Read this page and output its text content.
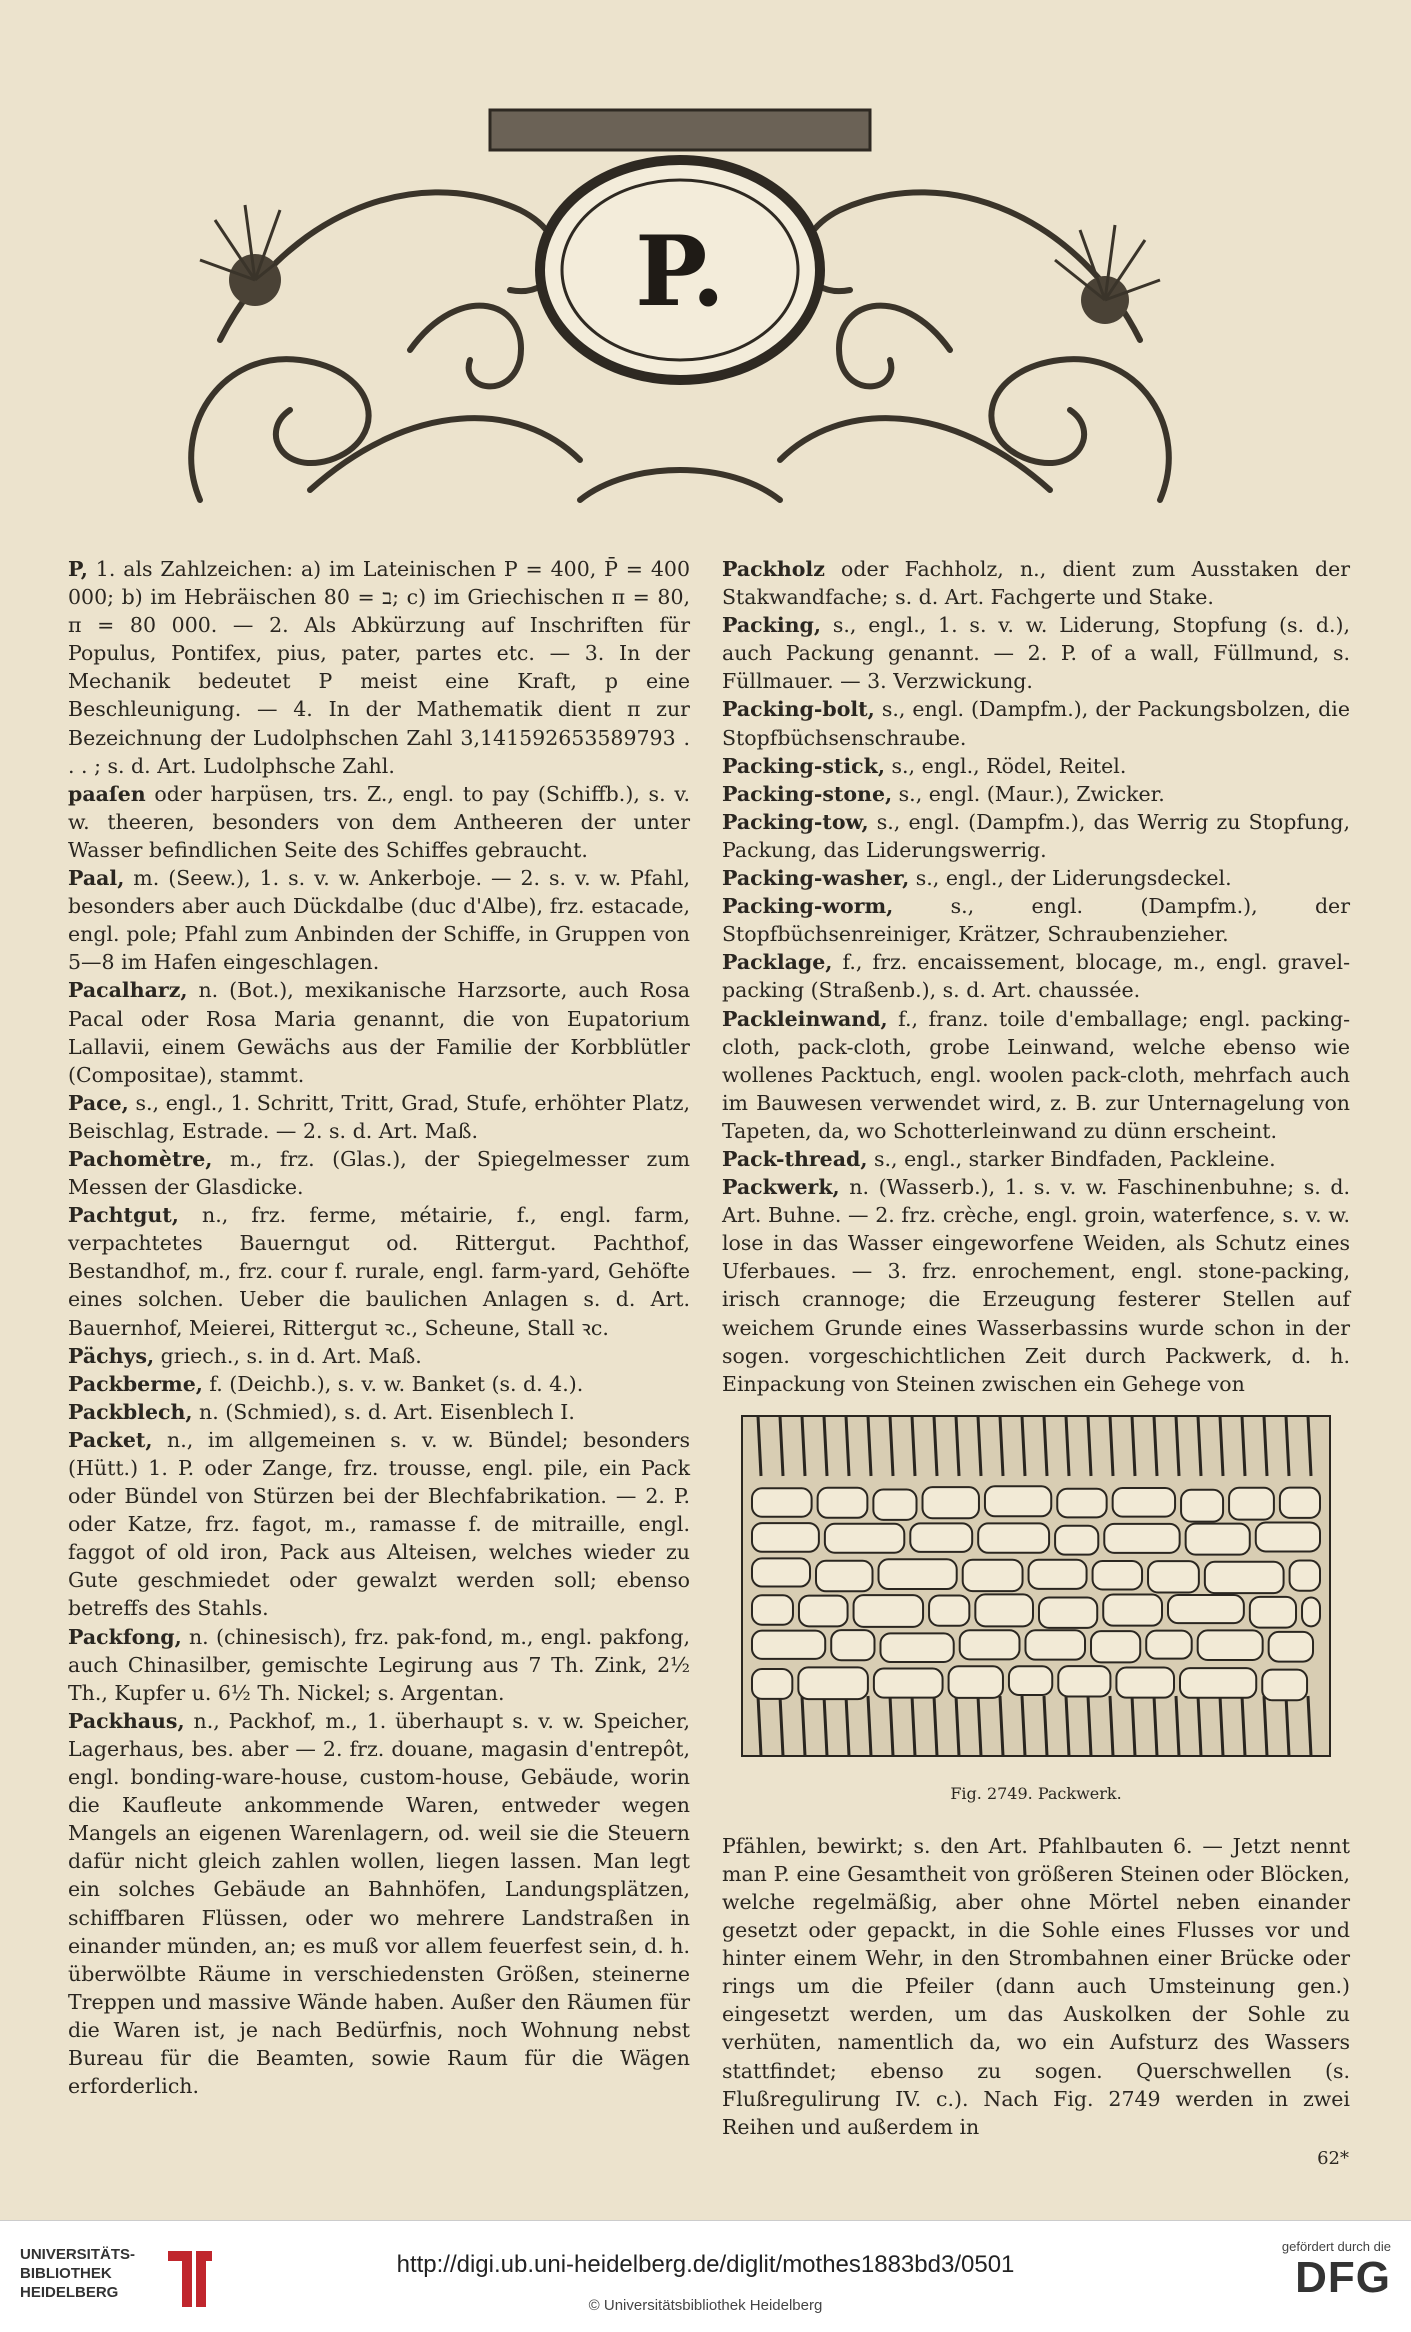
P.

P, 1. als Zahlzeichen: a) im Lateinischen P = 400, P̄ = 400 000; b) im Hebräischen ב = 80; c) im Griechischen π = 80, π = 80 000. — 2. Als Abkürzung auf Inschriften für Populus, Pontifex, pius, pater, partes etc. — 3. In der Mechanik bedeutet P meist eine Kraft, p eine Beschleunigung. — 4. In der Mathematik dient π zur Bezeichnung der Ludolphschen Zahl 3,1415926535897​93 . . . ; s. d. Art. Ludolphsche Zahl.

paaſen oder harpüsen, trs. Z., engl. to pay (Schiffb.), s. v. w. theeren, besonders von dem Antheeren der unter Wasser befindlichen Seite des Schiffes gebraucht.

Paal, m. (Seew.), 1. s. v. w. Ankerboje. — 2. s. v. w. Pfahl, besonders aber auch Dückdalbe (duc d'Albe), frz. estacade, engl. pole; Pfahl zum Anbinden der Schiffe, in Gruppen von 5—8 im Hafen eingeschlagen.

Pacalharz, n. (Bot.), mexikanische Harzsorte, auch Rosa Pacal oder Rosa Maria genannt, die von Eupatorium Lallavii, einem Gewächs aus der Familie der Korbblütler (Compositae), stammt.

Pace, s., engl., 1. Schritt, Tritt, Grad, Stufe, erhöhter Platz, Beischlag, Estrade. — 2. s. d. Art. Maß.

Pachomètre, m., frz. (Glas.), der Spiegelmesser zum Messen der Glasdicke.

Pachtgut, n., frz. ferme, métairie, f., engl. farm, verpachtetes Bauerngut od. Rittergut. Pachthof, Bestandhof, m., frz. cour f. rurale, engl. farm-yard, Gehöfte eines solchen. Ueber die baulichen Anlagen s. d. Art. Bauernhof, Meierei, Rittergut ꝛc., Scheune, Stall ꝛc.

Pächys, griech., s. in d. Art. Maß.

Packberme, f. (Deichb.), s. v. w. Banket (s. d. 4.).

Packblech, n. (Schmied), s. d. Art. Eisenblech I.

Packet, n., im allgemeinen s. v. w. Bündel; besonders (Hütt.) 1. P. oder Zange, frz. trousse, engl. pile, ein Pack oder Bündel von Stürzen bei der Blechfabrikation. — 2. P. oder Katze, frz. fagot, m., ramasse f. de mitraille, engl. faggot of old iron, Pack aus Alteisen, welches wieder zu Gute geschmiedet oder gewalzt werden soll; ebenso betreffs des Stahls.

Packfong, n. (chinesisch), frz. pak-fond, m., engl. pakfong, auch Chinasilber, gemischte Legirung aus 7 Th. Zink, 2½ Th., Kupfer u. 6½ Th. Nickel; s. Argentan.

Packhaus, n., Packhof, m., 1. überhaupt s. v. w. Speicher, Lagerhaus, bes. aber — 2. frz. douane, magasin d'entrepôt, engl. bonding-ware-house, custom-house, Gebäude, worin die Kaufleute ankommende Waren, entweder wegen Mangels an eigenen Warenlagern, od. weil sie die Steuern dafür nicht gleich zahlen wollen, liegen lassen. Man legt ein solches Gebäude an Bahnhöfen, Landungsplätzen, schiffbaren Flüssen, oder wo mehrere Landstraßen in einander münden, an; es muß vor allem feuerfest sein, d. h. überwölbte Räume in verschiedensten Größen, steinerne Treppen und massive Wände haben. Außer den Räumen für die Waren ist, je nach Bedürfnis, noch Wohnung nebst Bureau für die Beamten, sowie Raum für die Wägen erforderlich.

Packholz oder Fachholz, n., dient zum Ausstaken der Stakwandfache; s. d. Art. Fachgerte und Stake.

Packing, s., engl., 1. s. v. w. Liderung, Stopfung (s. d.), auch Packung genannt. — 2. P. of a wall, Füllmund, s. Füllmauer. — 3. Verzwickung.

Packing-bolt, s., engl. (Dampfm.), der Packungsbolzen, die Stopfbüchsenschraube.

Packing-stick, s., engl., Rödel, Reitel.

Packing-stone, s., engl. (Maur.), Zwicker.

Packing-tow, s., engl. (Dampfm.), das Werrig zu Stopfung, Packung, das Liderungswerrig.

Packing-washer, s., engl., der Liderungsdeckel.

Packing-worm, s., engl. (Dampfm.), der Stopfbüchsenreiniger, Krätzer, Schraubenzieher.

Packlage, f., frz. encaissement, blocage, m., engl. gravel-packing (Straßenb.), s. d. Art. chaussée.

Packleinwand, f., franz. toile d'emballage; engl. packing-cloth, pack-cloth, grobe Leinwand, welche ebenso wie wollenes Packtuch, engl. woolen pack-cloth, mehrfach auch im Bauwesen verwendet wird, z. B. zur Unternagelung von Tapeten, da, wo Schotterleinwand zu dünn erscheint.

Pack-thread, s., engl., starker Bindfaden, Packleine.

Packwerk, n. (Wasserb.), 1. s. v. w. Faschinenbuhne; s. d. Art. Buhne. — 2. frz. crèche, engl. groin, waterfence, s. v. w. lose in das Wasser eingeworfene Weiden, als Schutz eines Uferbaues. — 3. frz. enrochement, engl. stone-packing, irisch crannoge; die Erzeugung festerer Stellen auf weichem Grunde eines Wasserbassins wurde schon in der sogen. vorgeschichtlichen Zeit durch Packwerk, d. h. Einpackung von Steinen zwischen ein Gehege von

Fig. 2749. Packwerk.

Pfählen, bewirkt; s. den Art. Pfahlbauten 6. — Jetzt nennt man P. eine Gesamtheit von größeren Steinen oder Blöcken, welche regelmäßig, aber ohne Mörtel neben einander gesetzt oder gepackt, in die Sohle eines Flusses vor und hinter einem Wehr, in den Strombahnen einer Brücke oder rings um die Pfeiler (dann auch Umsteinung gen.) eingesetzt werden, um das Auskolken der Sohle zu verhüten, namentlich da, wo ein Aufsturz des Wassers stattfindet; ebenso zu sogen. Querschwellen (s. Flußregulirung IV. c.). Nach Fig. 2749 werden in zwei Reihen und außerdem in

62*
UNIVERSITÄTS-
BIBLIOTHEK
HEIDELBERG
http://digi.ub.uni-heidelberg.de/diglit/mothes1883bd3/0501
© Universitätsbibliothek Heidelberg
gefördert durch die
DFG
